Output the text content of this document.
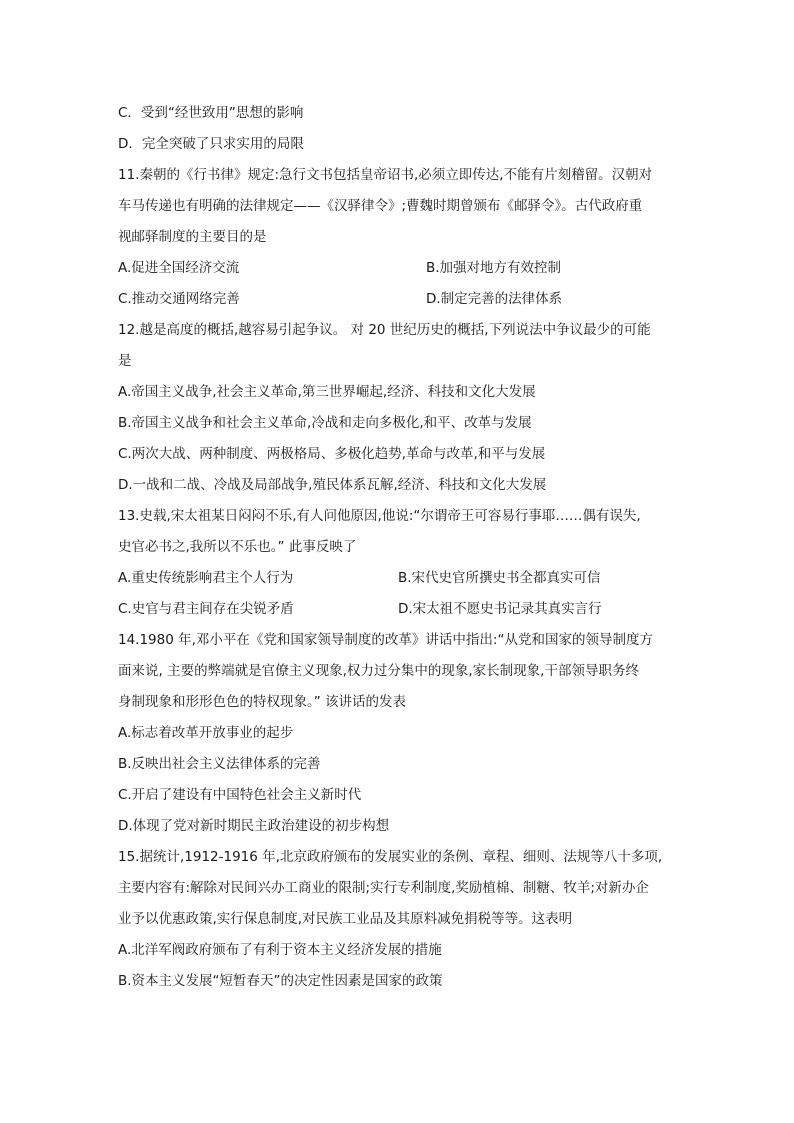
C．受到“经世致用”思想的影响
D．完全突破了只求实用的局限
11.秦朝的《行书律》规定:急行文书包括皇帝诏书,必须立即传达,不能有片刻稽留。汉朝对
车马传递也有明确的法律规定——《汉驿律令》;曹魏时期曾颁布《邮驿令》。古代政府重
视邮驿制度的主要目的是
A.促进全国经济交流	B.加强对地方有效控制
C.推动交通网络完善	D.制定完善的法律体系
12.越是高度的概括,越容易引起争议。 对 20 世纪历史的概括,下列说法中争议最少的可能
是
A.帝国主义战争,社会主义革命,第三世界崛起,经济、科技和文化大发展
B.帝国主义战争和社会主义革命,冷战和走向多极化,和平、改革与发展
C.两次大战、两种制度、两极格局、多极化趋势,革命与改革,和平与发展
D.一战和二战、冷战及局部战争,殖民体系瓦解,经济、科技和文化大发展
13.史载,宋太祖某日闷闷不乐,有人问他原因,他说:“尔谓帝王可容易行事耶……偶有误失,
史官必书之,我所以不乐也。” 此事反映了
A.重史传统影响君主个人行为	B.宋代史官所撰史书全都真实可信
C.史官与君主间存在尖锐矛盾	D.宋太祖不愿史书记录其真实言行
14.1980 年,邓小平在《党和国家领导制度的改革》讲话中指出:“从党和国家的领导制度方
面来说, 主要的弊端就是官僚主义现象,权力过分集中的现象,家长制现象,干部领导职务终
身制现象和形形色色的特权现象。” 该讲话的发表
A.标志着改革开放事业的起步
B.反映出社会主义法律体系的完善
C.开启了建设有中国特色社会主义新时代
D.体现了党对新时期民主政治建设的初步构想
15.据统计,1912-1916 年,北京政府颁布的发展实业的条例、章程、细则、法规等八十多项,
主要内容有:解除对民间兴办工商业的限制;实行专利制度,奖励植棉、制糖、牧羊;对新办企
业予以优惠政策,实行保息制度,对民族工业品及其原料减免捐税等等。这表明
A.北洋军阀政府颁布了有利于资本主义经济发展的措施
B.资本主义发展“短暂春天”的决定性因素是国家的政策
